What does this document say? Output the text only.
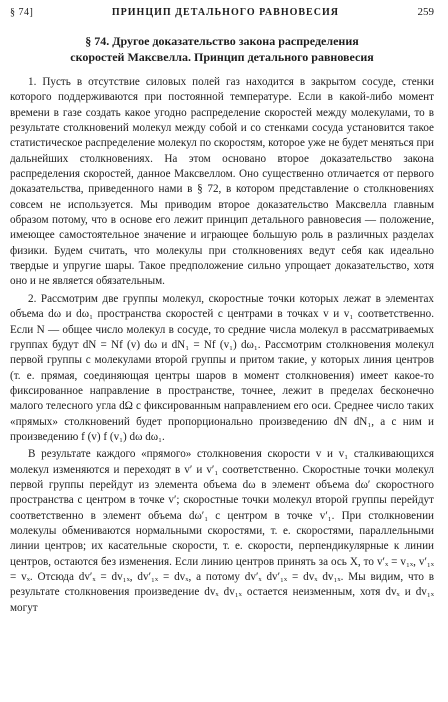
§ 74]	ПРИНЦИП ДЕТАЛЬНОГО РАВНОВЕСИЯ	259
§ 74. Другое доказательство закона распределения
скоростей Максвелла. Принцип детального равновесия

1. Пусть в отсутствие силовых полей газ находится в закрытом сосуде, стенки которого поддерживаются при постоянной температуре. Если в какой-либо момент времени в газе создать какое угодно распределение скоростей между молекулами, то в результате столкновений молекул между собой и со стенками сосуда установится такое статистическое распределение молекул по скоростям, которое уже не будет меняться при дальнейших столкновениях. На этом основано второе доказательство закона распределения скоростей, данное Максвеллом. Оно существенно отличается от первого доказательства, приведенного нами в § 72, в котором представление о столкновениях совсем не используется. Мы приводим второе доказательство Максвелла главным образом потому, что в основе его лежит принцип детального равновесия — положение, имеющее самостоятельное значение и играющее большую роль в различных разделах физики. Будем считать, что молекулы при столкновениях ведут себя как идеально твердые и упругие шары. Такое предположение сильно упрощает доказательство, хотя оно и не является обязательным.

2. Рассмотрим две группы молекул, скоростные точки которых лежат в элементах объема dω и dω₁ пространства скоростей с центрами в точках v и v₁ соответственно. Если N — общее число молекул в сосуде, то средние числа молекул в рассматриваемых группах будут dN = Nf (v) dω и dN₁ = Nf (v₁) dω₁. Рассмотрим столкновения молекул первой группы с молекулами второй группы и притом такие, у которых линия центров (т. е. прямая, соединяющая центры шаров в момент столкновения) имеет какое-то фиксированное направление в пространстве, точнее, лежит в пределах бесконечно малого телесного угла dΩ с фиксированным направлением его оси. Среднее число таких «прямых» столкновений будет пропорционально произведению dN dN₁, а с ним и произведению f (v) f (v₁) dω dω₁.

В результате каждого «прямого» столкновения скорости v и v₁ сталкивающихся молекул изменяются и переходят в v′ и v′₁ соответственно. Скоростные точки молекул первой группы перейдут из элемента объема dω в элемент объема dω′ скоростного пространства с центром в точке v′; скоростные точки молекул второй группы перейдут соответственно в элемент объема dω′₁ с центром в точке v′₁. При столкновении молекулы обмениваются нормальными скоростями, т. е. скоростями, параллельными линии центров; их касательные скорости, т. е. скорости, перпендикулярные к линии центров, остаются без изменения. Если линию центров принять за ось X, то v′ₓ = v₁ₓ, v′₁ₓ = vₓ. Отсюда dv′ₓ = dv₁ₓ, dv′₁ₓ = dvₓ, а потому dv′ₓ dv′₁ₓ = dvₓ dv₁ₓ. Мы видим, что в результате столкновения произведение dvₓ dv₁ₓ остается неизменным, хотя dvₓ и dv₁ₓ могут
